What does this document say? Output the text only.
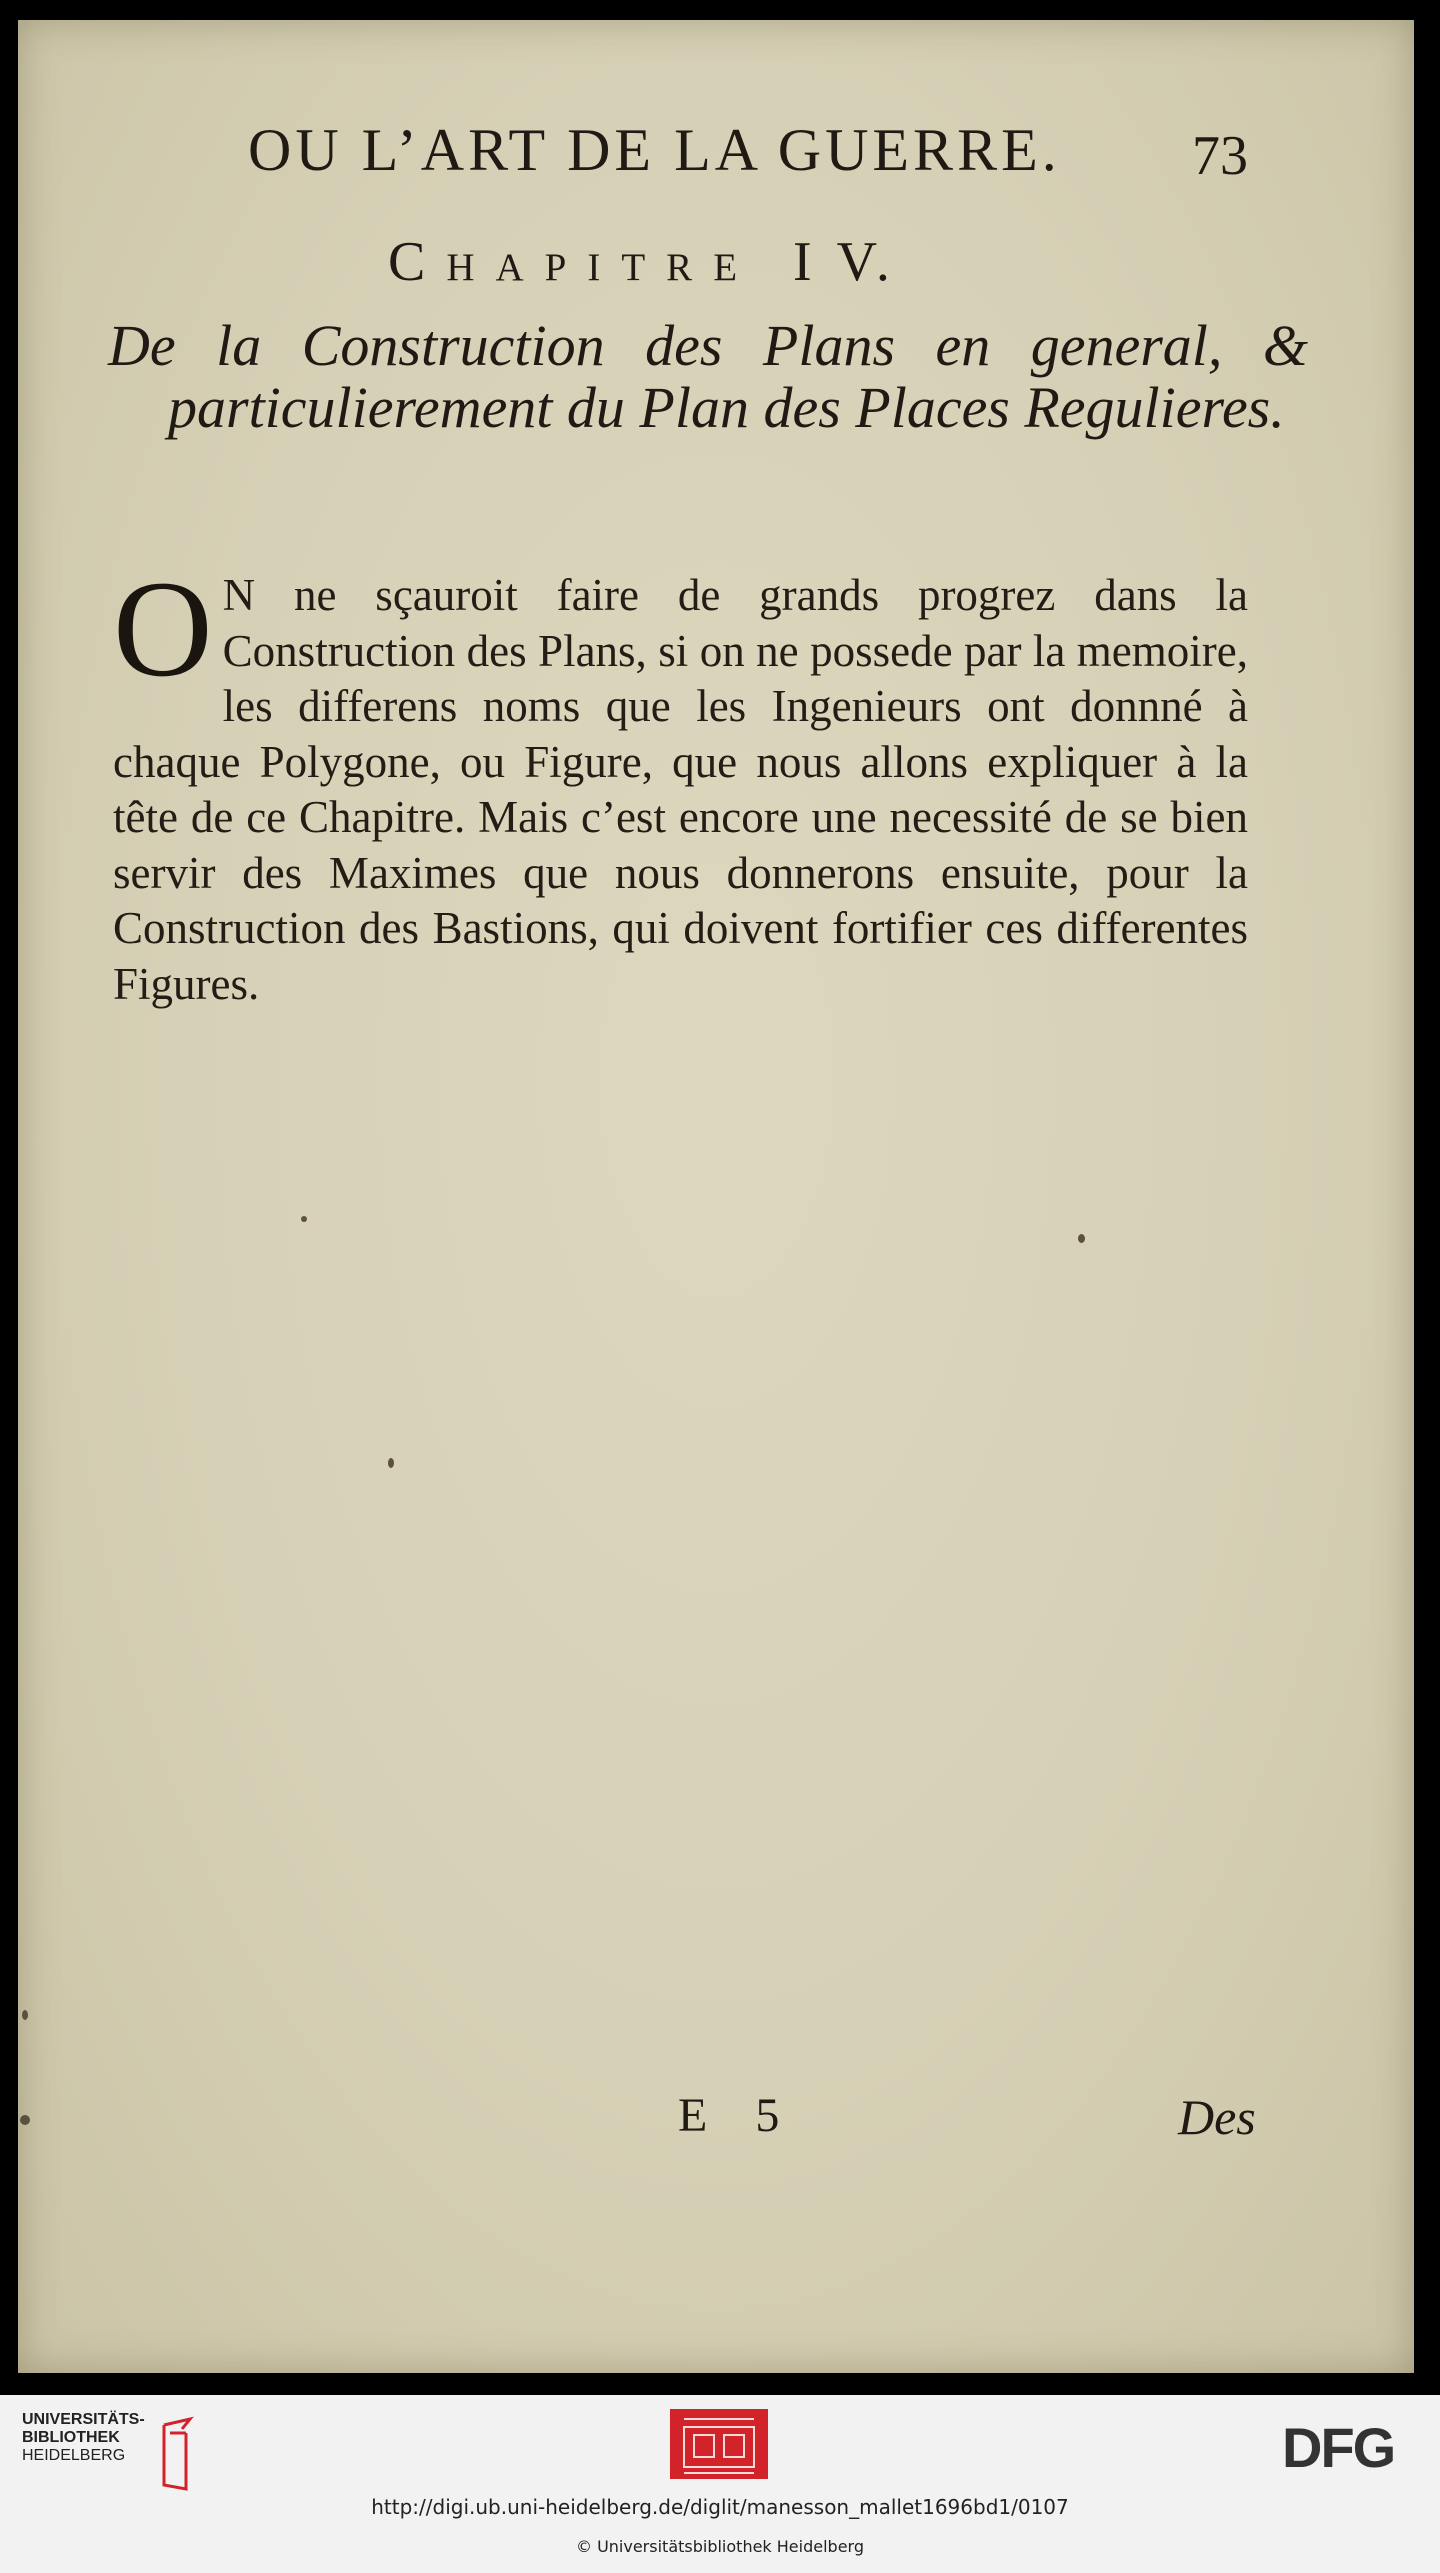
OU L’ART DE LA GUERRE. 73
Chapitre I V.
De la Construction des Plans en general, & particulierement du Plan des Places Regulieres.
O N ne sçauroit faire de grands progrez dans la Construction des Plans, si on ne possede par la memoire, les differens noms que les Ingenieurs ont donnné à chaque Polygone, ou Figure, que nous allons expliquer à la tête de ce Chapitre. Mais c’est encore une necessité de se bien servir des Maximes que nous donnerons ensuite, pour la Construction des Bastions, qui doivent fortifier ces differentes Figures.
E 5	Des
UNIVERSITÄTS-
BIBLIOTHEK
HEIDELBERG	DFG
http://digi.ub.uni-heidelberg.de/diglit/manesson_mallet1696bd1/0107
© Universitätsbibliothek Heidelberg
